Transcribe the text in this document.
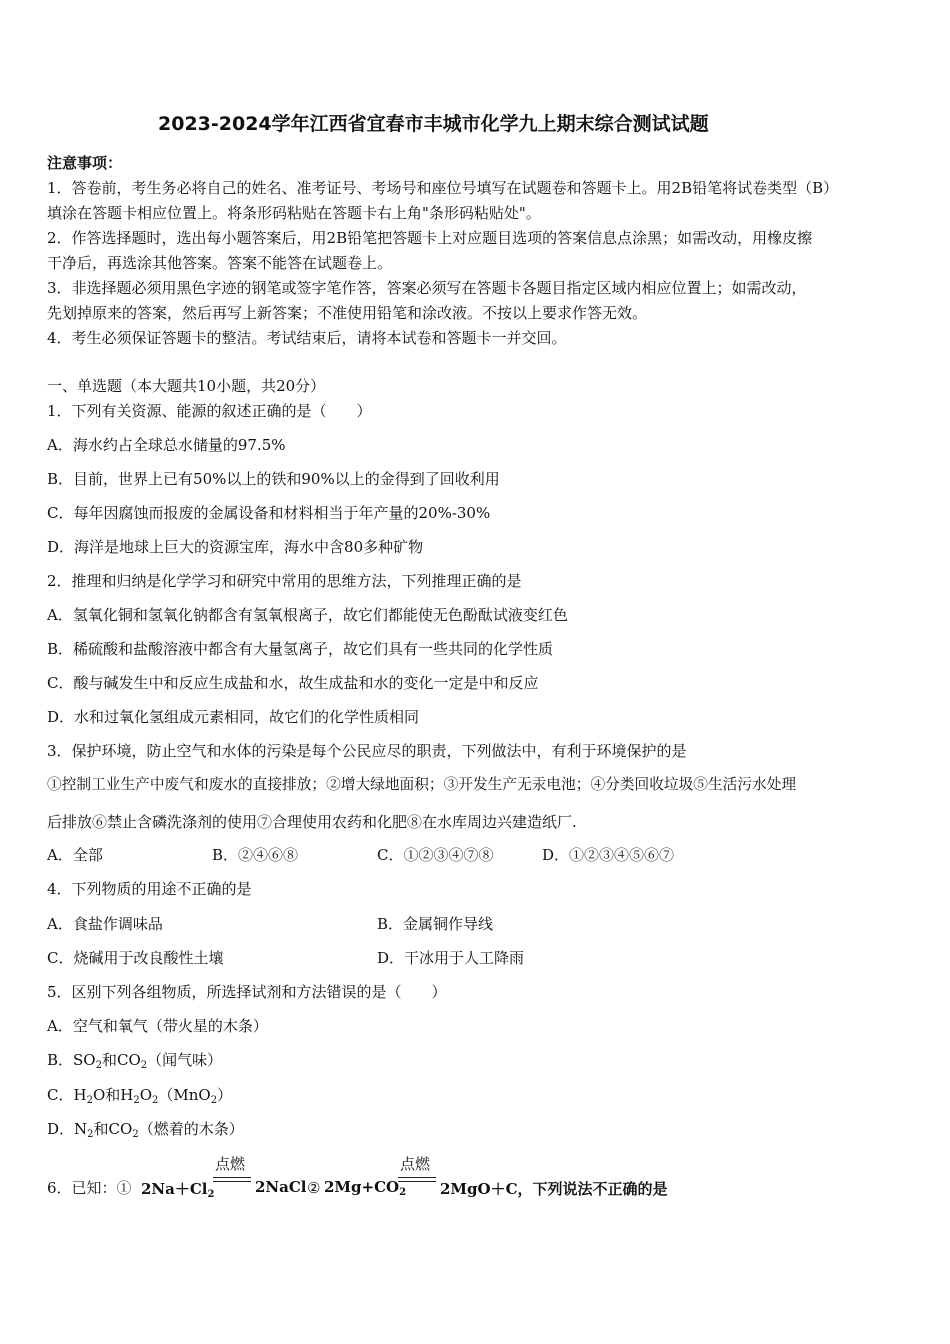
2023-2024学年江西省宜春市丰城市化学九上期末综合测试试题
注意事项：
1．答卷前，考生务必将自己的姓名、准考证号、考场号和座位号填写在试题卷和答题卡上。用2B铅笔将试卷类型（B）
填涂在答题卡相应位置上。将条形码粘贴在答题卡右上角"条形码粘贴处"。
2．作答选择题时，选出每小题答案后，用2B铅笔把答题卡上对应题目选项的答案信息点涂黑；如需改动，用橡皮擦
干净后，再选涂其他答案。答案不能答在试题卷上。
3．非选择题必须用黑色字迹的钢笔或签字笔作答，答案必须写在答题卡各题目指定区域内相应位置上；如需改动，
先划掉原来的答案，然后再写上新答案；不准使用铅笔和涂改液。不按以上要求作答无效。
4．考生必须保证答题卡的整洁。考试结束后，请将本试卷和答题卡一并交回。
一、单选题（本大题共10小题，共20分）
1．下列有关资源、能源的叙述正确的是（　　）
A．海水约占全球总水储量的97.5%
B．目前，世界上已有50%以上的铁和90%以上的金得到了回收利用
C．每年因腐蚀而报废的金属设备和材料相当于年产量的20%-30%
D．海洋是地球上巨大的资源宝库，海水中含80多种矿物
2．推理和归纳是化学学习和研究中常用的思维方法，下列推理正确的是
A．氢氧化铜和氢氧化钠都含有氢氧根离子，故它们都能使无色酚酞试液变红色
B．稀硫酸和盐酸溶液中都含有大量氢离子，故它们具有一些共同的化学性质
C．酸与碱发生中和反应生成盐和水，故生成盐和水的变化一定是中和反应
D．水和过氧化氢组成元素相同，故它们的化学性质相同
3．保护环境，防止空气和水体的污染是每个公民应尽的职责，下列做法中，有利于环境保护的是
①控制工业生产中废气和废水的直接排放；②增大绿地面积；③开发生产无汞电池；④分类回收垃圾⑤生活污水处理
后排放⑥禁止含磷洗涤剂的使用⑦合理使用农药和化肥⑧在水库周边兴建造纸厂.
A．全部	B．②④⑥⑧	C．①②③④⑦⑧	D．①②③④⑤⑥⑦
4．下列物质的用途不正确的是
A．食盐作调味品	B．金属铜作导线
C．烧碱用于改良酸性土壤	D．干冰用于人工降雨
5．区别下列各组物质，所选择试剂和方法错误的是（　　）
A．空气和氧气（带火星的木条）
B．$SO_2$和$CO_2$（闻气味）
C．$H_2O$和$H_2O_2(MnO_2)$
D．$N_2$和$CO_2$（燃着的木条）
6．已知：① $2Na+Cl_2$
点燃
2NaCl ② $2Mg+CO_2$
点燃
2MgO＋C，下列说法不正确的是
